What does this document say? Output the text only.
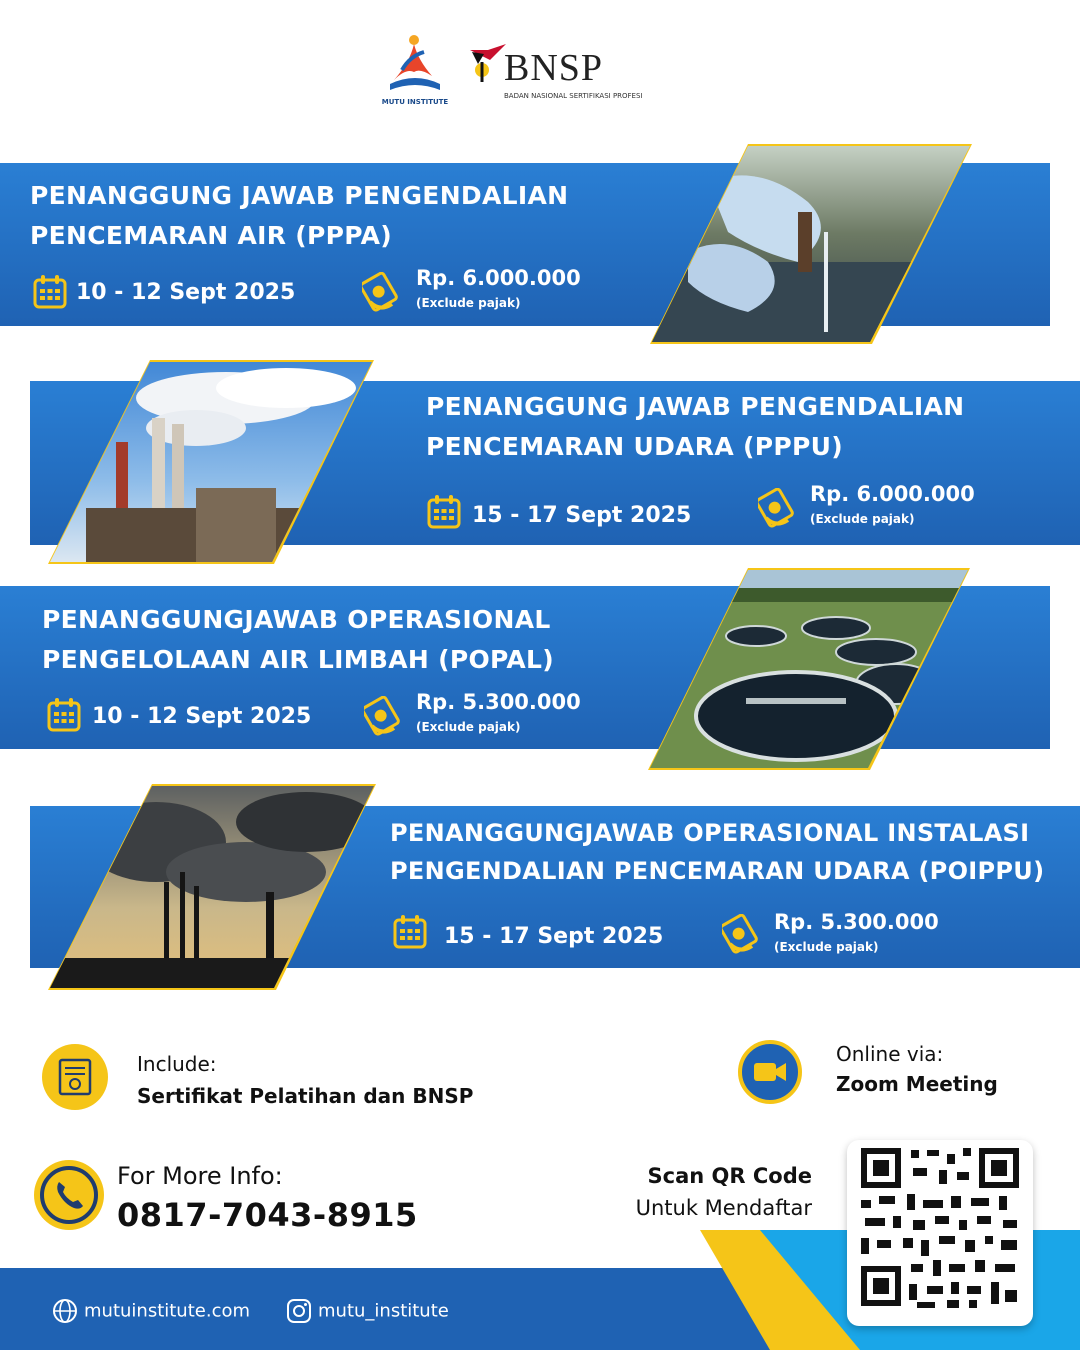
MUTU INSTITUTE
BNSP
BADAN NASIONAL SERTIFIKASI PROFESI
PENANGGUNG JAWAB PENGENDALIAN
PENCEMARAN AIR (PPPA)
10 - 12 Sept 2025
Rp. 6.000.000
(Exclude pajak)
PENANGGUNG JAWAB PENGENDALIAN
PENCEMARAN UDARA (PPPU)
15 - 17 Sept 2025
Rp. 6.000.000
(Exclude pajak)
PENANGGUNGJAWAB OPERASIONAL
PENGELOLAAN AIR LIMBAH (POPAL)
10 - 12 Sept 2025
Rp. 5.300.000
(Exclude pajak)
PENANGGUNGJAWAB OPERASIONAL INSTALASI
PENGENDALIAN PENCEMARAN UDARA (POIPPU)
15 - 17 Sept 2025
Rp. 5.300.000
(Exclude pajak)
Include:
Sertifikat Pelatihan dan BNSP
Online via:
Zoom Meeting
For More Info:
0817-7043-8915
Scan QR Code
Untuk Mendaftar
mutuinstitute.com	mutu_institute
